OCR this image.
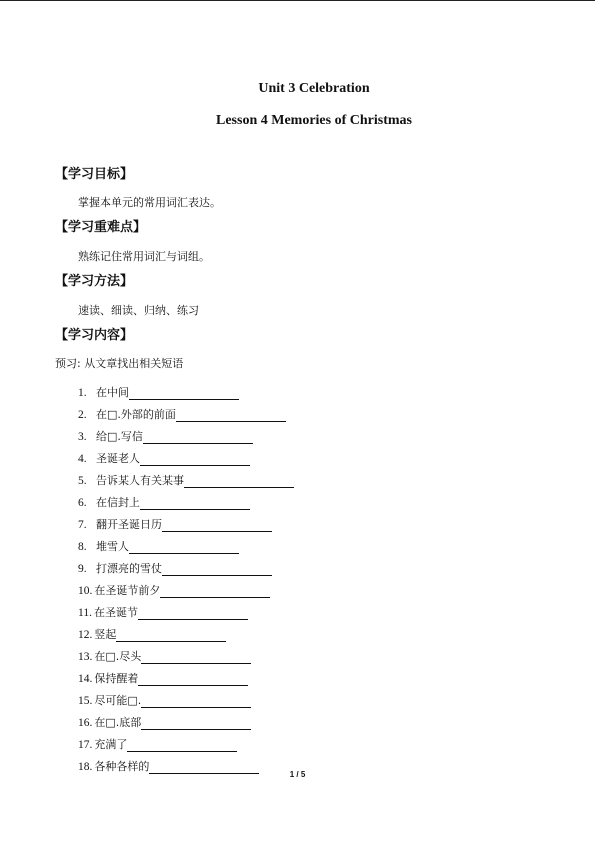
Unit 3 Celebration
Lesson 4 Memories of Christmas
【学习目标】
掌握本单元的常用词汇表达。
【学习重难点】
熟练记住常用词汇与词组。
【学习方法】
速读、细读、归纳、练习
【学习内容】
预习: 从文章找出相关短语
1. 在中间
2. 在□.外部的前面
3. 给□.写信
4. 圣诞老人
5. 告诉某人有关某事
6. 在信封上
7. 翻开圣诞日历
8. 堆雪人
9. 打漂亮的雪仗
10. 在圣诞节前夕
11. 在圣诞节
12. 竖起
13. 在□.尽头
14. 保持醒着
15. 尽可能□.
16. 在□.底部
17. 充满了
18. 各种各样的
1 / 5
